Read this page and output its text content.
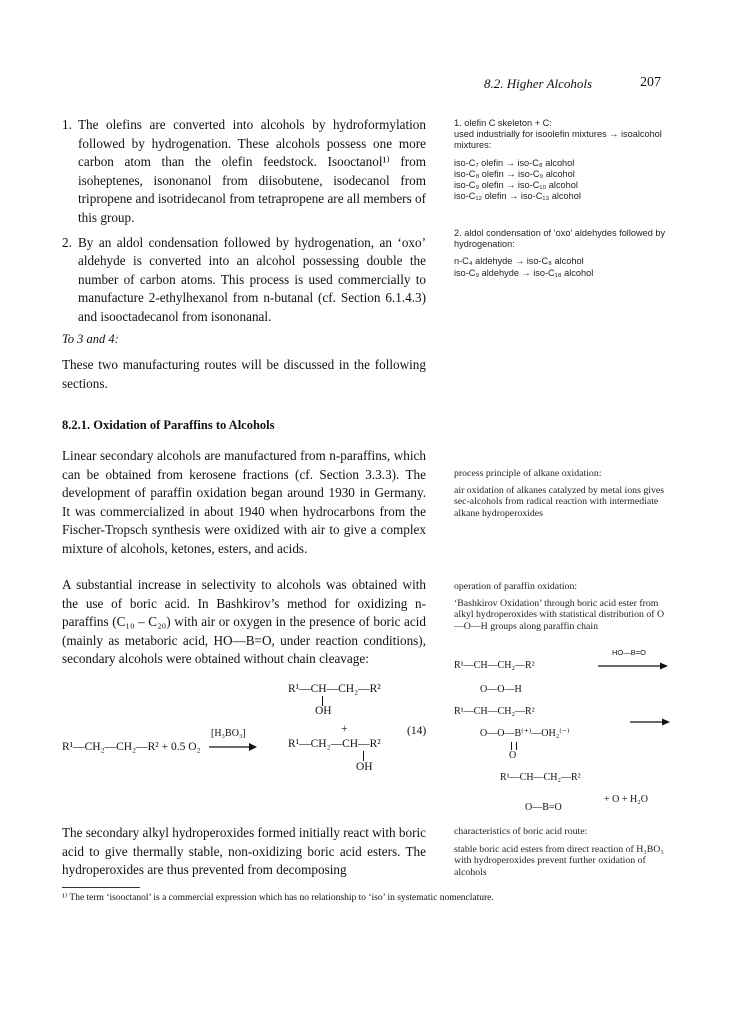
8.2. Higher Alcohols	207
1. The olefins are converted into alcohols by hydroformylation followed by hydrogenation. These alcohols possess one more carbon atom than the olefin feedstock. Isooctanol¹⁾ from isoheptenes, isononanol from diisobutene, isodecanol from tripropene and isotridecanol from tetrapropene are all members of this group.
2. By an aldol condensation followed by hydrogenation, an ‘oxo’ aldehyde is converted into an alcohol possessing double the number of carbon atoms. This process is used commercially to manufacture 2-ethylhexanol from n-butanal (cf. Section 6.1.4.3) and isooctadecanol from isononanal.
To 3 and 4:
These two manufacturing routes will be discussed in the following sections.
8.2.1. Oxidation of Paraffins to Alcohols
Linear secondary alcohols are manufactured from n-paraffins, which can be obtained from kerosene fractions (cf. Section 3.3.3). The development of paraffin oxidation began around 1930 in Germany. It was commercialized in about 1940 when hydrocarbons from the Fischer-Tropsch synthesis were oxidized with air to give a complex mixture of alcohols, ketones, esters, and acids.
A substantial increase in selectivity to alcohols was obtained with the use of boric acid. In Bashkirov’s method for oxidizing n-paraffins (C₁₀ – C₂₀) with air or oxygen in the presence of boric acid (mainly as metaboric acid, HO—B=O, under reaction conditions), secondary alcohols were obtained without chain cleavage:
R¹—CH₂—CH₂—R² + 0.5 O₂
[H₃BO₃]
R¹—CH—CH₂—R²
OH
+
R¹—CH₂—CH—R²
OH
(14)
The secondary alkyl hydroperoxides formed initially react with boric acid to give thermally stable, non-oxidizing boric acid esters. The hydroperoxides are thus prevented from decomposing
1. olefin C skeleton + C:
used industrially for isoolefin mixtures → isoalcohol mixtures:
iso-C₇ olefin → iso-C₈ alcohol
iso-C₈ olefin → iso-C₉ alcohol
iso-C₉ olefin → iso-C₁₀ alcohol
iso-C₁₂ olefin → iso-C₁₃ alcohol
2. aldol condensation of ‘oxo’ aldehydes followed by hydrogenation:
n-C₄ aldehyde → iso-C₈ alcohol
iso-C₉ aldehyde → iso-C₁₈ alcohol
process principle of alkane oxidation:
air oxidation of alkanes catalyzed by metal ions gives sec-alcohols from radical reaction with intermediate alkane hydroperoxides
operation of paraffin oxidation:
‘Bashkirov Oxidation’ through boric acid ester from alkyl hydroperoxides with statistical distribution of O—O—H groups along paraffin chain
R¹—CH—CH₂—R²
HO—B=O
O—O—H
R¹—CH—CH₂—R²
O—O—B⁽⁺⁾—OH₂⁽⁻⁾
O
R¹—CH—CH₂—R²
+ O + H₂O
O—B=O
characteristics of boric acid route:
stable boric acid esters from direct reaction of H₃BO₃ with hydroperoxides prevent further oxidation of alcohols
¹⁾ The term ‘isooctanol’ is a commercial expression which has no relationship to ‘iso’ in systematic nomenclature.
